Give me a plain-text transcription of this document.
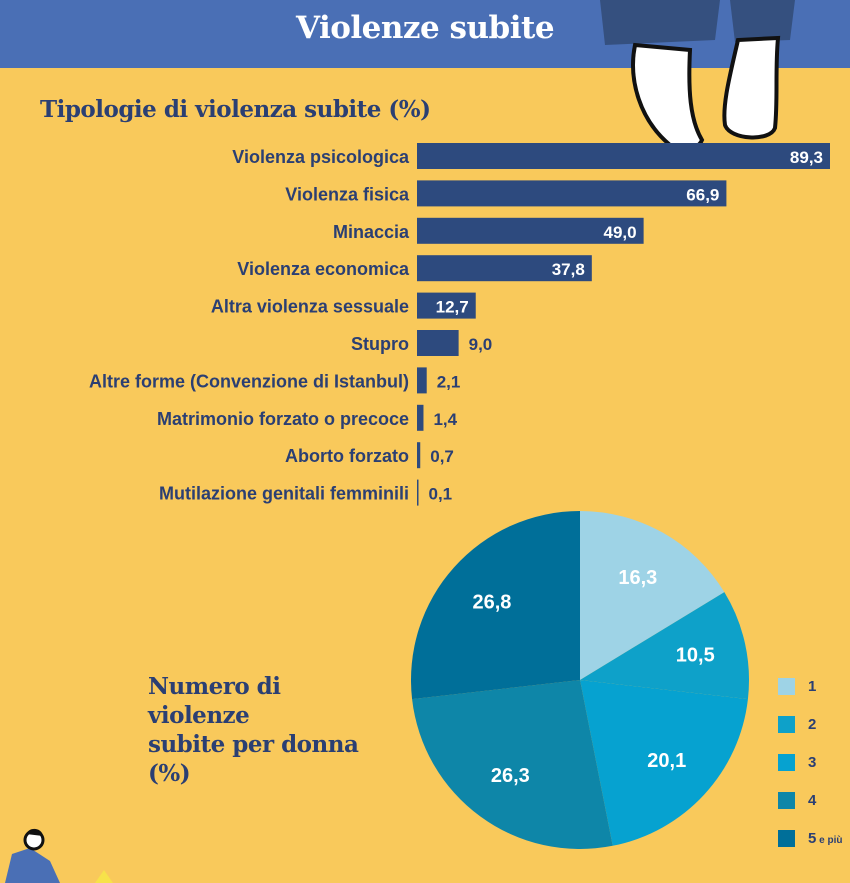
Violenze subite
Tipologie di violenza subite (%)
Violenza psicologica	89,3
Violenza fisica	66,9
Minaccia	49,0
Violenza economica	37,8
Altra violenza sessuale 12,7
Stupro	9,0
Altre forme (Convenzione di Istanbul) 2,1
Matrimonio forzato o precoce 1,4
Aborto forzato 0,7
Mutilazione genitali femminili 0,1
Numero di violenze
subite per donna (%)
16,3
10,5
20,1
26,3
26,8
1
2
3
4
5 e più
